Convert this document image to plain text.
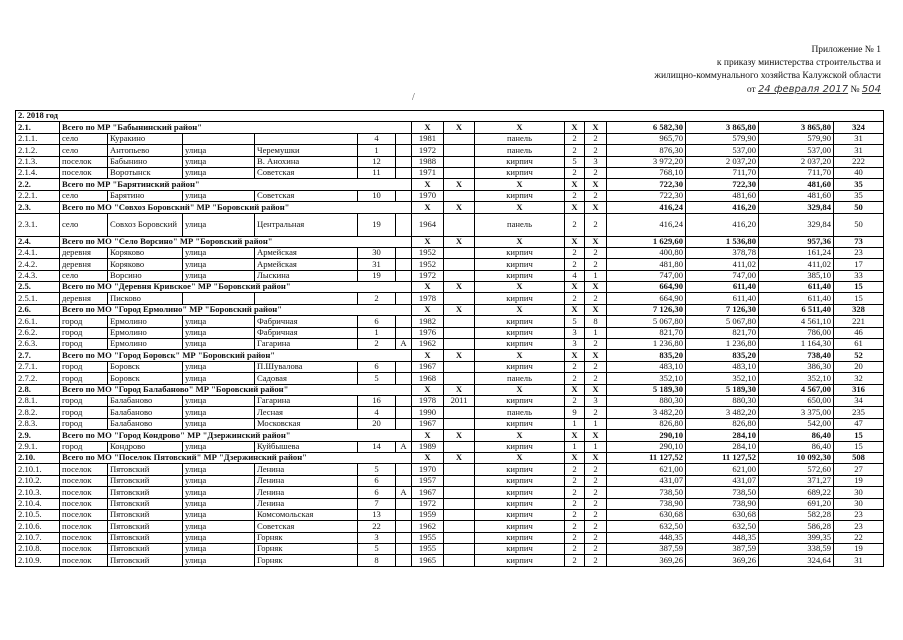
Приложение № 1
к приказу министерства строительства и
жилищно-коммунального хозяйства Калужской области
от 24 февраля 2017 № 504
/
2. 2018 год															
2.1.	Всего по МР "Бабынинский район"						X	X	X	X	X	6 582,30	3 865,80	3 865,80	324
2.1.1.	село	Куракино			4		1981		панель	2	2	965,70	579,90	579,90	31
2.1.2.	село	Антопьево	улица	Черемушки	1		1972		панель	2	2	876,30	537,00	537,00	31
2.1.3.	поселок	Бабынино	улица	В. Анохина	12		1988		кирпич	5	3	3 972,20	2 037,20	2 037,20	222
2.1.4.	поселок	Воротынск	улица	Советская	11		1971		кирпич	2	2	768,10	711,70	711,70	40
2.2.	Всего по МР "Барятинский район"						X	X	X	X	X	722,30	722,30	481,60	35
2.2.1.	село	Барятино	улица	Советская	10		1970		кирпич	2	2	722,30	481,60	481,60	35
2.3.	Всего по МО "Совхоз Боровский" МР "Боровский район"						X	X	X	X	X	416,24	416,20	329,84	50
2.3.1.	село	Совхоз Боровский	улица	Центральная	19		1964		панель	2	2	416,24	416,20	329,84	50
2.4.	Всего по МО "Село Ворсино" МР "Боровский район"						X	X	X	X	X	1 629,60	1 536,80	957,36	73
2.4.1.	деревня	Коряково	улица	Армейская	30		1952		кирпич	2	2	400,80	378,78	161,24	23
2.4.2.	деревня	Коряково	улица	Армейская	31		1952		кирпич	2	2	481,80	411,02	411,02	17
2.4.3.	село	Ворсино	улица	Лыскина	19		1972		кирпич	4	1	747,00	747,00	385,10	33
2.5.	Всего по МО "Деревня Кривское" МР "Боровский район"						X	X	X	X	X	664,90	611,40	611,40	15
2.5.1.	деревня	Писково			2		1978		кирпич	2	2	664,90	611,40	611,40	15
2.6.	Всего по МО "Город Ермолино" МР "Боровский район"						X	X	X	X	X	7 126,30	7 126,30	6 511,40	328
2.6.1.	город	Ермолино	улица	Фабричная	6		1982		кирпич	5	8	5 067,80	5 067,80	4 561,10	221
2.6.2.	город	Ермолино	улица	Фабричная	1		1976		кирпич	3	1	821,70	821,70	786,00	46
2.6.3.	город	Ермолино	улица	Гагарина	2	А	1962		кирпич	3	2	1 236,80	1 236,80	1 164,30	61
2.7.	Всего по МО "Город Боровск" МР "Боровский район"						X	X	X	X	X	835,20	835,20	738,40	52
2.7.1.	город	Боровск	улица	П.Шувалова	6		1967		кирпич	2	2	483,10	483,10	386,30	20
2.7.2.	город	Боровск	улица	Садовая	5		1968		панель	2	2	352,10	352,10	352,10	32
2.8.	Всего по МО "Город Балабаново" МР "Боровский район"						X	X	X	X	X	5 189,30	5 189,30	4 567,00	316
2.8.1.	город	Балабаново	улица	Гагарина	16		1978	2011	кирпич	2	3	880,30	880,30	650,00	34
2.8.2.	город	Балабаново	улица	Лесная	4		1990		панель	9	2	3 482,20	3 482,20	3 375,00	235
2.8.3.	город	Балабаново	улица	Московская	20		1967		кирпич	1	1	826,80	826,80	542,00	47
2.9.	Всего по МО "Город Кондрово" МР "Дзержинский район"						X	X	X	X	X	290,10	284,10	86,40	15
2.9.1.	город	Кондрово	улица	Куйбышева	14	А	1989		кирпич	1	1	290,10	284,10	86,40	15
2.10.	Всего по МО "Поселок Пятовский" МР "Дзержинский район"						X	X	X	X	X	11 127,52	11 127,52	10 092,30	508
2.10.1.	поселок	Пятовский	улица	Ленина	5		1970		кирпич	2	2	621,00	621,00	572,60	27
2.10.2.	поселок	Пятовский	улица	Ленина	6		1957		кирпич	2	2	431,07	431,07	371,27	19
2.10.3.	поселок	Пятовский	улица	Ленина	6	А	1967		кирпич	2	2	738,50	738,50	689,22	30
2.10.4.	поселок	Пятовский	улица	Ленина	7		1972		кирпич	2	2	738,90	738,90	691,20	30
2.10.5.	поселок	Пятовский	улица	Комсомольская	13		1959		кирпич	2	2	630,68	630,68	582,28	23
2.10.6.	поселок	Пятовский	улица	Советская	22		1962		кирпич	2	2	632,50	632,50	586,28	23
2.10.7.	поселок	Пятовский	улица	Горняк	3		1955		кирпич	2	2	448,35	448,35	399,35	22
2.10.8.	поселок	Пятовский	улица	Горняк	5		1955		кирпич	2	2	387,59	387,59	338,59	19
2.10.9.	поселок	Пятовский	улица	Горняк	8		1965		кирпич	2	2	369,26	369,26	324,64	31
